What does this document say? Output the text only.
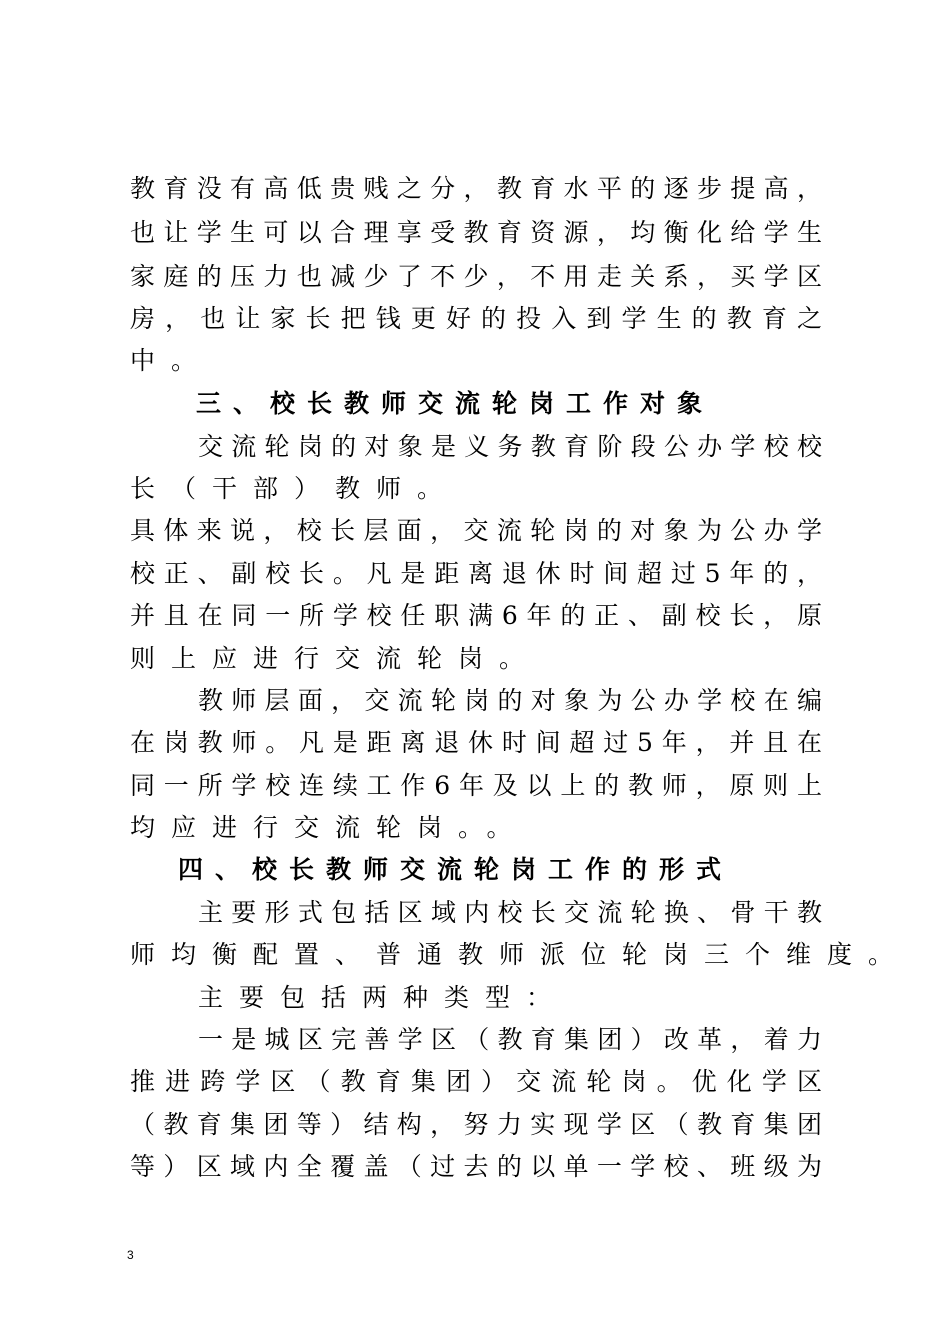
教育没有高低贵贱之分，教育水平的逐步提高，
也让学生可以合理享受教育资源，均衡化给学生
家庭的压力也减少了不少，不用走关系，买学区
房，也让家长把钱更好的投入到学生的教育之
中。
三、校长教师交流轮岗工作对象
交流轮岗的对象是义务教育阶段公办学校校
长（干部）教师。
具体来说，校长层面，交流轮岗的对象为公办学
校正、副校长。凡是距离退休时间超过5年的，
并且在同一所学校任职满6年的正、副校长，原
则上应进行交流轮岗。
教师层面，交流轮岗的对象为公办学校在编
在岗教师。凡是距离退休时间超过5年，并且在
同一所学校连续工作6年及以上的教师，原则上
均应进行交流轮岗。。
四、校长教师交流轮岗工作的形式
主要形式包括区域内校长交流轮换、骨干教
师均衡配置、普通教师派位轮岗三个维度。
主要包括两种类型：
一是城区完善学区（教育集团）改革，着力
推进跨学区（教育集团）交流轮岗。优化学区
（教育集团等）结构，努力实现学区（教育集团
等）区域内全覆盖（过去的以单一学校、班级为
3
